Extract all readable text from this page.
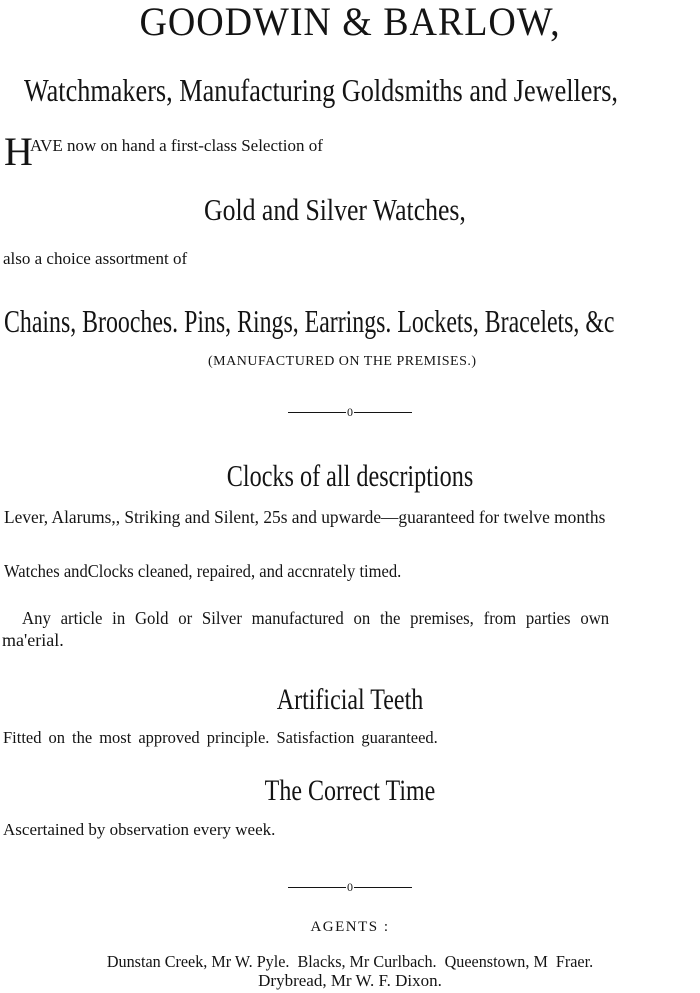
GOODWIN & BARLOW,
Watchmakers, Manufacturing Goldsmiths and Jewellers,
H
AVE now on hand a first-class Selection of
Gold and Silver Watches,
also a choice assortment of
Chains, Brooches. Pins, Rings, Earrings. Lockets, Bracelets, &c
(MANUFACTURED ON THE PREMISES.)
0
Clocks of all descriptions
Lever, Alarums,, Striking and Silent, 25s and upwarde—guaranteed for twelve months
Watches andClocks cleaned, repaired, and accnrately timed.
Any article in Gold or Silver manufactured on the premises, from parties own
ma'erial.
Artificial Teeth
Fitted on the most approved principle. Satisfaction guaranteed.
The Correct Time
Ascertained by observation every week.
0
AGENTS :
Dunstan Creek, Mr W. Pyle.  Blacks, Mr Curlbach.  Queenstown, M  Fraer.
Drybread, Mr W. F. Dixon.
